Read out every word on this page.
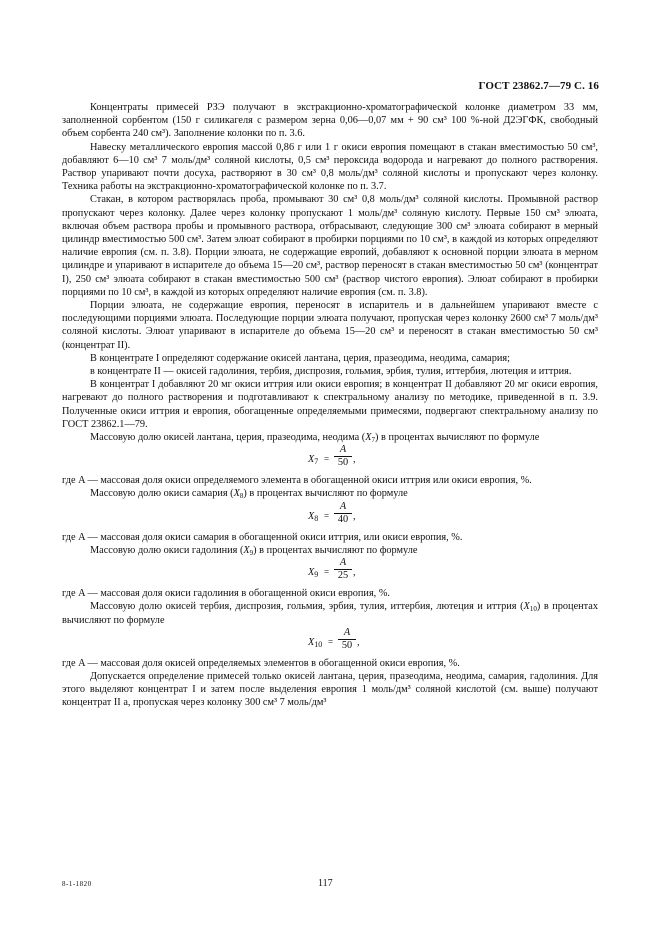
ГОСТ 23862.7—79 С. 16

Концентраты примесей РЗЭ получают в экстракционно-хроматографической колонке диаметром 33 мм, заполненной сорбентом (150 г силикагеля с размером зерна 0,06—0,07 мм + 90 см³ 100 %-ной Д2ЭГФК, свободный объем сорбента 240 см³). Заполнение колонки по п. 3.6.

Навеску металлического европия массой 0,86 г или 1 г окиси европия помещают в стакан вместимостью 50 см³, добавляют 6—10 см³ 7 моль/дм³ соляной кислоты, 0,5 см³ пероксида водорода и нагревают до полного растворения. Раствор упаривают почти досуха, растворяют в 30 см³ 0,8 моль/дм³ соляной кислоты и пропускают через колонку. Техника работы на экстракционно-хроматографической колонке по п. 3.7.

Стакан, в котором растворялась проба, промывают 30 см³ 0,8 моль/дм³ соляной кислоты. Промывной раствор пропускают через колонку. Далее через колонку пропускают 1 моль/дм³ соляную кислоту. Первые 150 см³ элюата, включая объем раствора пробы и промывного раствора, отбрасывают, следующие 300 см³ элюата собирают в мерный цилиндр вместимостью 500 см³. Затем элюат собирают в пробирки порциями по 10 см³, в каждой из которых определяют наличие европия (см. п. 3.8). Порции элюата, не содержащие европий, добавляют к основной порции элюата в мерном цилиндре и упаривают в испарителе до объема 15—20 см³, раствор переносят в стакан вместимостью 50 см³ (концентрат I), 250 см³ элюата собирают в стакан вместимостью 500 см³ (раствор чистого европия). Элюат собирают в пробирки порциями по 10 см³, в каждой из которых определяют наличие европия (см. п. 3.8).

Порции элюата, не содержащие европия, переносят в испаритель и в дальнейшем упаривают вместе с последующими порциями элюата. Последующие порции элюата получают, пропуская через колонку 2600 см³ 7 моль/дм³ соляной кислоты. Элюат упаривают в испарителе до объема 15—20 см³ и переносят в стакан вместимостью 50 см³ (концентрат II).

В концентрате I определяют содержание окисей лантана, церия, празеодима, неодима, самария;

в концентрате II — окисей гадолиния, тербия, диспрозия, гольмия, эрбия, тулия, иттербия, лютеция и иттрия.

В концентрат I добавляют 20 мг окиси иттрия или окиси европия; в концентрат II добавляют 20 мг окиси европия, нагревают до полного растворения и подготавливают к спектральному анализу по методике, приведенной в п. 3.9. Полученные окиси иттрия и европия, обогащенные определяемыми примесями, подвергают спектральному анализу по ГОСТ 23862.1—79.

Массовую долю окисей лантана, церия, празеодима, неодима $(X_7)$ в процентах вычисляют по формуле

$X_7$ =
A
50 ,

где A — массовая доля окиси определяемого элемента в обогащенной окиси иттрия или окиси европия, %.

Массовую долю окиси самария $(X_8)$ в процентах вычисляют по формуле

$X_8$ =
A
40 ,

где A — массовая доля окиси самария в обогащенной окиси иттрия, или окиси европия, %.

Массовую долю окиси гадолиния $(X_9)$ в процентах вычисляют по формуле

$X_9$ =
A
25 ,

где A — массовая доля окиси гадолиния в обогащенной окиси европия, %.

Массовую долю окисей тербия, диспрозия, гольмия, эрбия, тулия, иттербия, лютеция и иттрия $(X_{10})$ в процентах вычисляют по формуле

$X_{10}$ =
A
50 ,

где A — массовая доля окисей определяемых элементов в обогащенной окиси европия, %.

Допускается определение примесей только окисей лантана, церия, празеодима, неодима, самария, гадолиния. Для этого выделяют концентрат I и затем после выделения европия 1 моль/дм³ соляной кислотой (см. выше) получают концентрат II а, пропуская через колонку 300 см³ 7 моль/дм³

8-1-1820	117
